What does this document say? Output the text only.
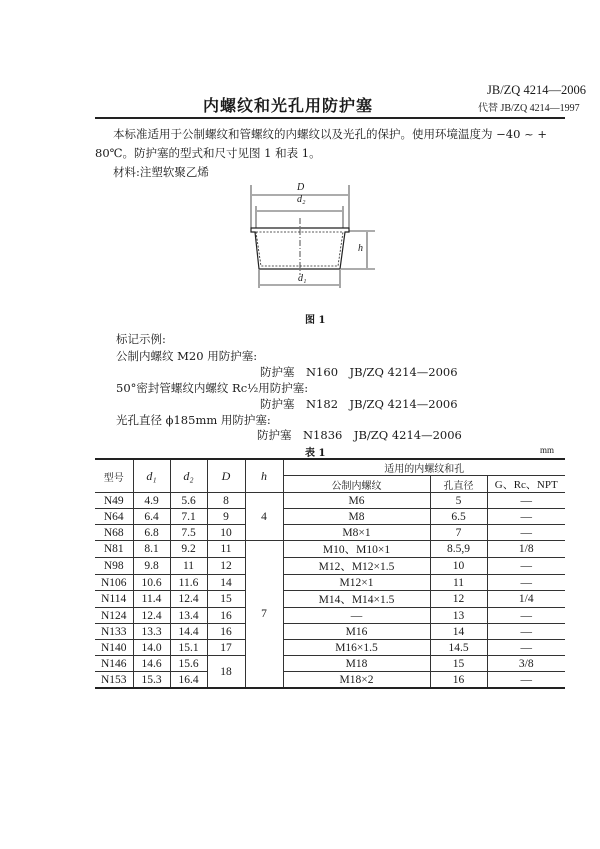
JB/ZQ 4214—2006
代替 JB/ZQ 4214—1997
内螺纹和光孔用防护塞
本标准适用于公制螺纹和管螺纹的内螺纹以及光孔的保护。使用环境温度为 −40 ~ +
80℃。防护塞的型式和尺寸见图 1 和表 1。
材料:注塑软聚乙烯
D
d₂
h
d₁
图 1
标记示例:
公制内螺纹 M20 用防护塞:
防护塞　N160　JB/ZQ 4214—2006
50°密封管螺纹内螺纹 Rc½用防护塞:
防护塞　N182　JB/ZQ 4214—2006
光孔直径 ϕ185mm 用防护塞:
防护塞　N1836　JB/ZQ 4214—2006
表 1	mm
型号	d₁	d₂	D	h	适用的内螺纹和孔		
					公制内螺纹	孔直径	G、Rc、NPT
N49	4.9	5.6	8	4	M6	5	—
N64	6.4	7.1	9		M8	6.5	—
N68	6.8	7.5	10		M8×1	7	—
N81	8.1	9.2	11	7	M10、M10×1	8.5,9	1/8
N98	9.8	11	12		M12、M12×1.5	10	—
N106	10.6	11.6	14		M12×1	11	—
N114	11.4	12.4	15		M14、M14×1.5	12	1/4
N124	12.4	13.4	16		—	13	—
N133	13.3	14.4	16		M16	14	—
N140	14.0	15.1	17		M16×1.5	14.5	—
N146	14.6	15.6	18		M18	15	3/8
N153	15.3	16.4			M18×2	16	—
